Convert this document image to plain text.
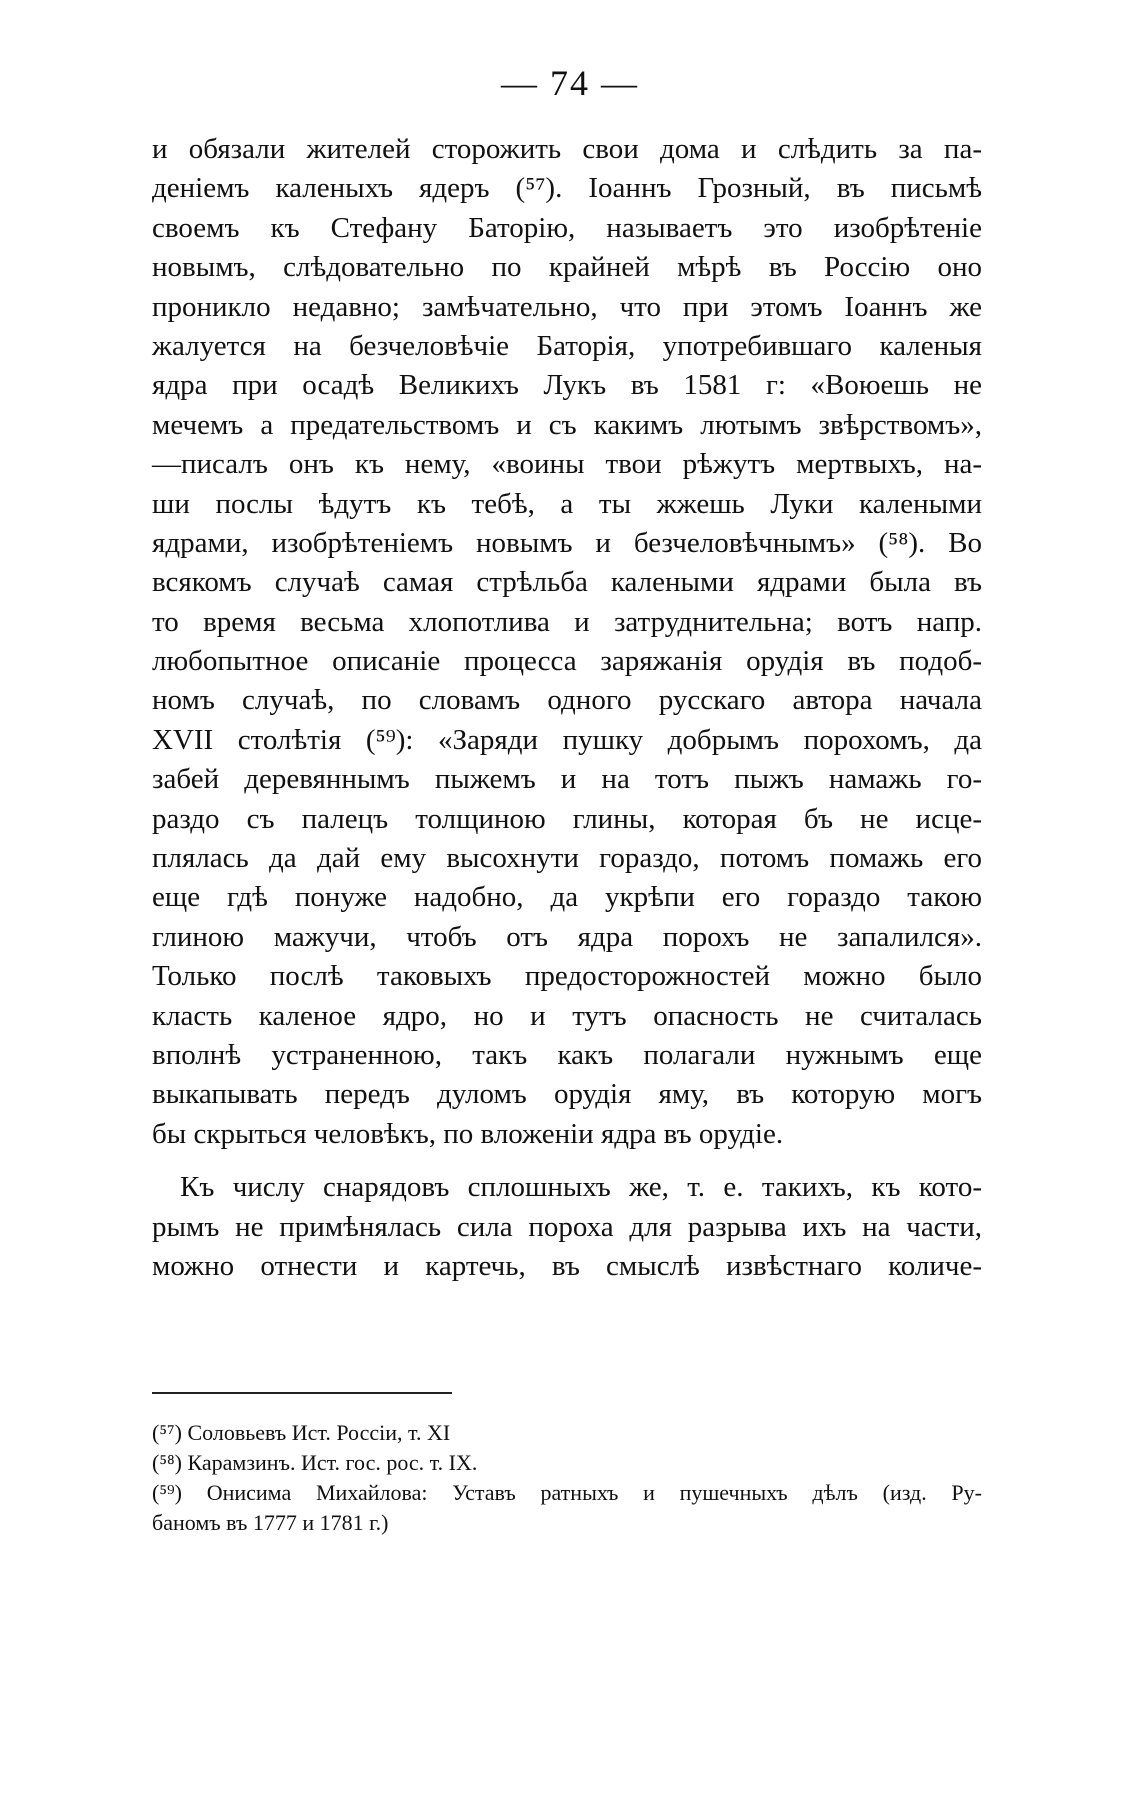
— 74 —
и обязали жителей сторожить свои дома и слѣдить за па-
деніемъ каленыхъ ядеръ (⁵⁷). Іоаннъ Грозный, въ письмѣ
своемъ къ Стефану Баторію, называетъ это изобрѣтеніе
новымъ, слѣдовательно по крайней мѣрѣ въ Россію оно
проникло недавно; замѣчательно, что при этомъ Іоаннъ же
жалуется на безчеловѣчіе Баторія, употребившаго каленыя
ядра при осадѣ Великихъ Лукъ въ 1581 г: «Воюешь не
мечемъ а предательствомъ и съ какимъ лютымъ звѣрствомъ»,
—писалъ онъ къ нему, «воины твои рѣжутъ мертвыхъ, на-
ши послы ѣдутъ къ тебѣ, а ты жжешь Луки калеными
ядрами, изобрѣтеніемъ новымъ и безчеловѣчнымъ» (⁵⁸). Во
всякомъ случаѣ самая стрѣльба калеными ядрами была въ
то время весьма хлопотлива и затруднительна; вотъ напр.
любопытное описаніе процесса заряжанія орудія въ подоб-
номъ случаѣ, по словамъ одного русскаго автора начала
XVII столѣтія (⁵⁹): «Заряди пушку добрымъ порохомъ, да
забей деревяннымъ пыжемъ и на тотъ пыжъ намажь го-
раздо съ палецъ толщиною глины, которая бъ не исце-
плялась да дай ему высохнути гораздо, потомъ помажь его
еще гдѣ понуже надобно, да укрѣпи его гораздо такою
глиною мажучи, чтобъ отъ ядра порохъ не запалился».
Только послѣ таковыхъ предосторожностей можно было
класть каленое ядро, но и тутъ опасность не считалась
вполнѣ устраненною, такъ какъ полагали нужнымъ еще
выкапывать передъ дуломъ орудія яму, въ которую могъ
бы скрыться человѣкъ, по вложеніи ядра въ орудіе.
Къ числу снарядовъ сплошныхъ же, т. е. такихъ, къ кото-
рымъ не примѣнялась сила пороха для разрыва ихъ на части,
можно отнести и картечь, въ смыслѣ извѣстнаго количе-
(⁵⁷) Соловьевъ Ист. Россіи, т. XI
(⁵⁸) Карамзинъ. Ист. гос. рос. т. IX.
(⁵⁹) Онисима Михайлова: Уставъ ратныхъ и пушечныхъ дѣлъ (изд. Ру-
баномъ въ 1777 и 1781 г.)
